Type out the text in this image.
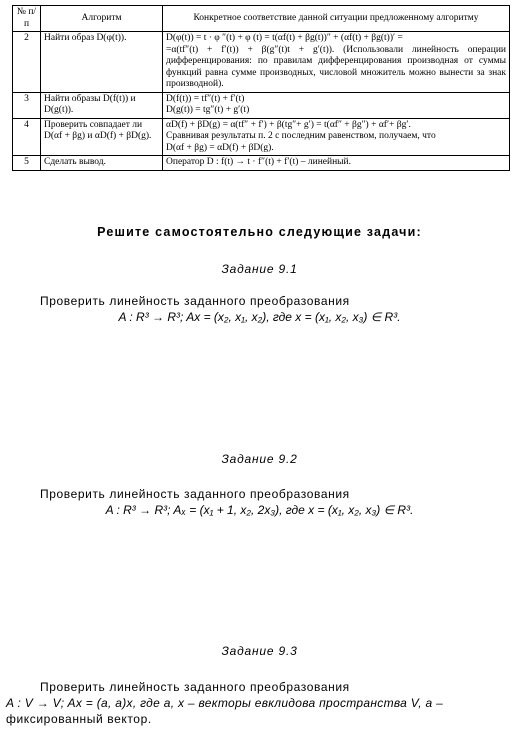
№ п/п	Алгоритм	Конкретное соответствие данной ситуации предложенному алгоритму
2	Найти образ D(φ(t)).	D(φ(t)) = t · φ ″(t) + φ (t) = t(αf(t) + βg(t))″ + (αf(t) + βg(t))′ =
=α(tf″(t) + f′(t)) + β(g″(t)t + g′(t)). (Использовали линейность операции дифференцирования: по правилам дифференцирования производная от суммы функций равна сумме производных, числовой множитель можно вынести за знак производной).

3	Найти образы D(f(t)) и D(g(t)).	D(f(t)) = tf″(t) + f′(t)
D(g(t)) = tg″(t) + g′(t)

4	Проверить совпадает ли D(αf + βg) и αD(f) + βD(g).	αD(f) + βD(g) = α(tf″ + f′) + β(tg″+ g′) = t(αf″ + βg″) + αf′+ βg′.
Сравнивая результаты п. 2 с последним равенством, получаем, что
D(αf + βg) = αD(f) + βD(g).

5	Сделать вывод.	Оператор D : f(t) → t · f″(t) + f′(t) – линейный.
Решите самостоятельно следующие задачи:
Задание 9.1
Проверить линейность заданного преобразования
A : R³ → R³; Ax = (x₂, x₁, x₂), где x = (x₁, x₂, x₃) ∈ R³.
Задание 9.2
Проверить линейность заданного преобразования
A : R³ → R³; Aₓ = (x₁ + 1, x₂, 2x₃), где x = (x₁, x₂, x₃) ∈ R³.
Задание 9.3
Проверить линейность заданного преобразования
A : V → V; Ax = (a, a)x, где a, x – векторы евклидова пространства V, a –
фиксированный вектор.
